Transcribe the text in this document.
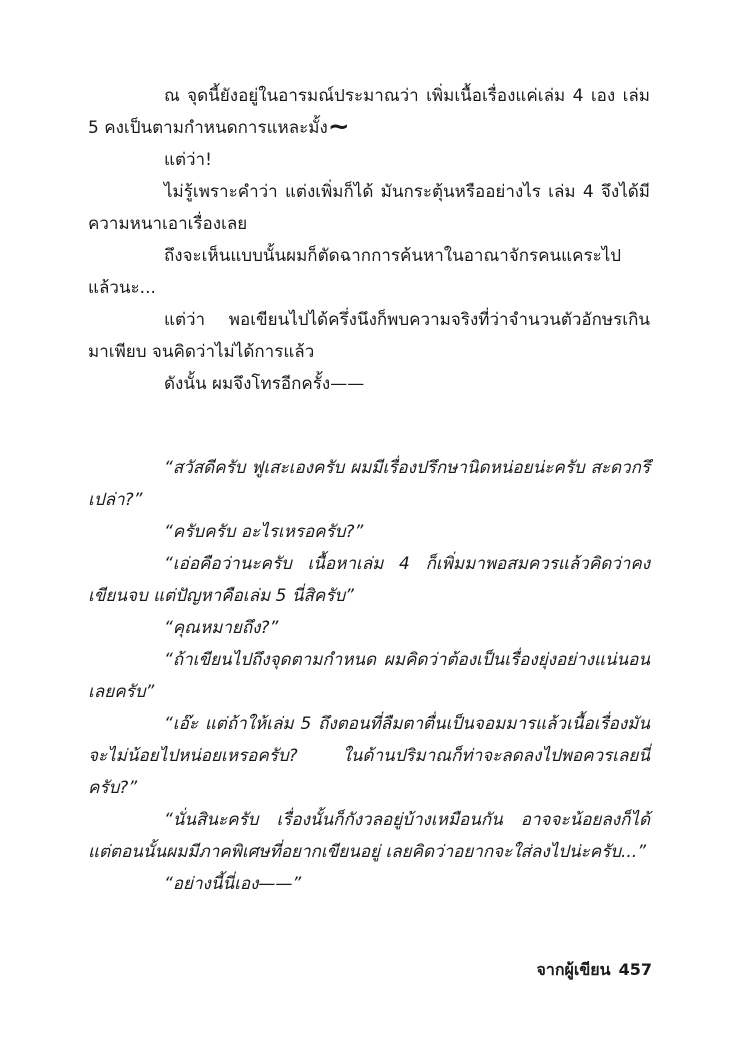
ณ จุดนี้ยังอยู่ในอารมณ์ประมาณว่า เพิ่มเนื้อเรื่องแค่เล่ม 4 เอง เล่ม 5 คงเป็นตามกำหนดการแหละมั้ง~

แต่ว่า!

ไม่รู้เพราะคำว่า แต่งเพิ่มก็ได้ มันกระตุ้นหรืออย่างไร เล่ม 4 จึงได้มีความหนาเอาเรื่องเลย

ถึงจะเห็นแบบนั้นผมก็ตัดฉากการค้นหาในอาณาจักรคนแคระไปแล้วนะ...

แต่ว่า พอเขียนไปได้ครึ่งนึงก็พบความจริงที่ว่าจำนวนตัวอักษรเกินมาเพียบ จนคิดว่าไม่ได้การแล้ว

ดังนั้น ผมจึงโทรอีกครั้ง——

“สวัสดีครับ ฟูเสะเองครับ ผมมีเรื่องปรึกษานิดหน่อยน่ะครับ สะดวกรึเปล่า?”

“ครับครับ อะไรเหรอครับ?”

“เอ่อคือว่านะครับ เนื้อหาเล่ม 4 ก็เพิ่มมาพอสมควรแล้วคิดว่าคงเขียนจบ แต่ปัญหาคือเล่ม 5 นี่สิครับ”

“คุณหมายถึง?”

“ถ้าเขียนไปถึงจุดตามกำหนด ผมคิดว่าต้องเป็นเรื่องยุ่งอย่างแน่นอนเลยครับ”

“เอ๊ะ แต่ถ้าให้เล่ม 5 ถึงตอนที่ลืมตาตื่นเป็นจอมมารแล้วเนื้อเรื่องมันจะไม่น้อยไปหน่อยเหรอครับ? ในด้านปริมาณก็ท่าจะลดลงไปพอควรเลยนี่ครับ?”

“นั่นสินะครับ เรื่องนั้นก็กังวลอยู่บ้างเหมือนกัน อาจจะน้อยลงก็ได้ แต่ตอนนั้นผมมีภาคพิเศษที่อยากเขียนอยู่ เลยคิดว่าอยากจะใส่ลงไปน่ะครับ...”

“อย่างนี้นี่เอง——”

จากผู้เขียน 457
